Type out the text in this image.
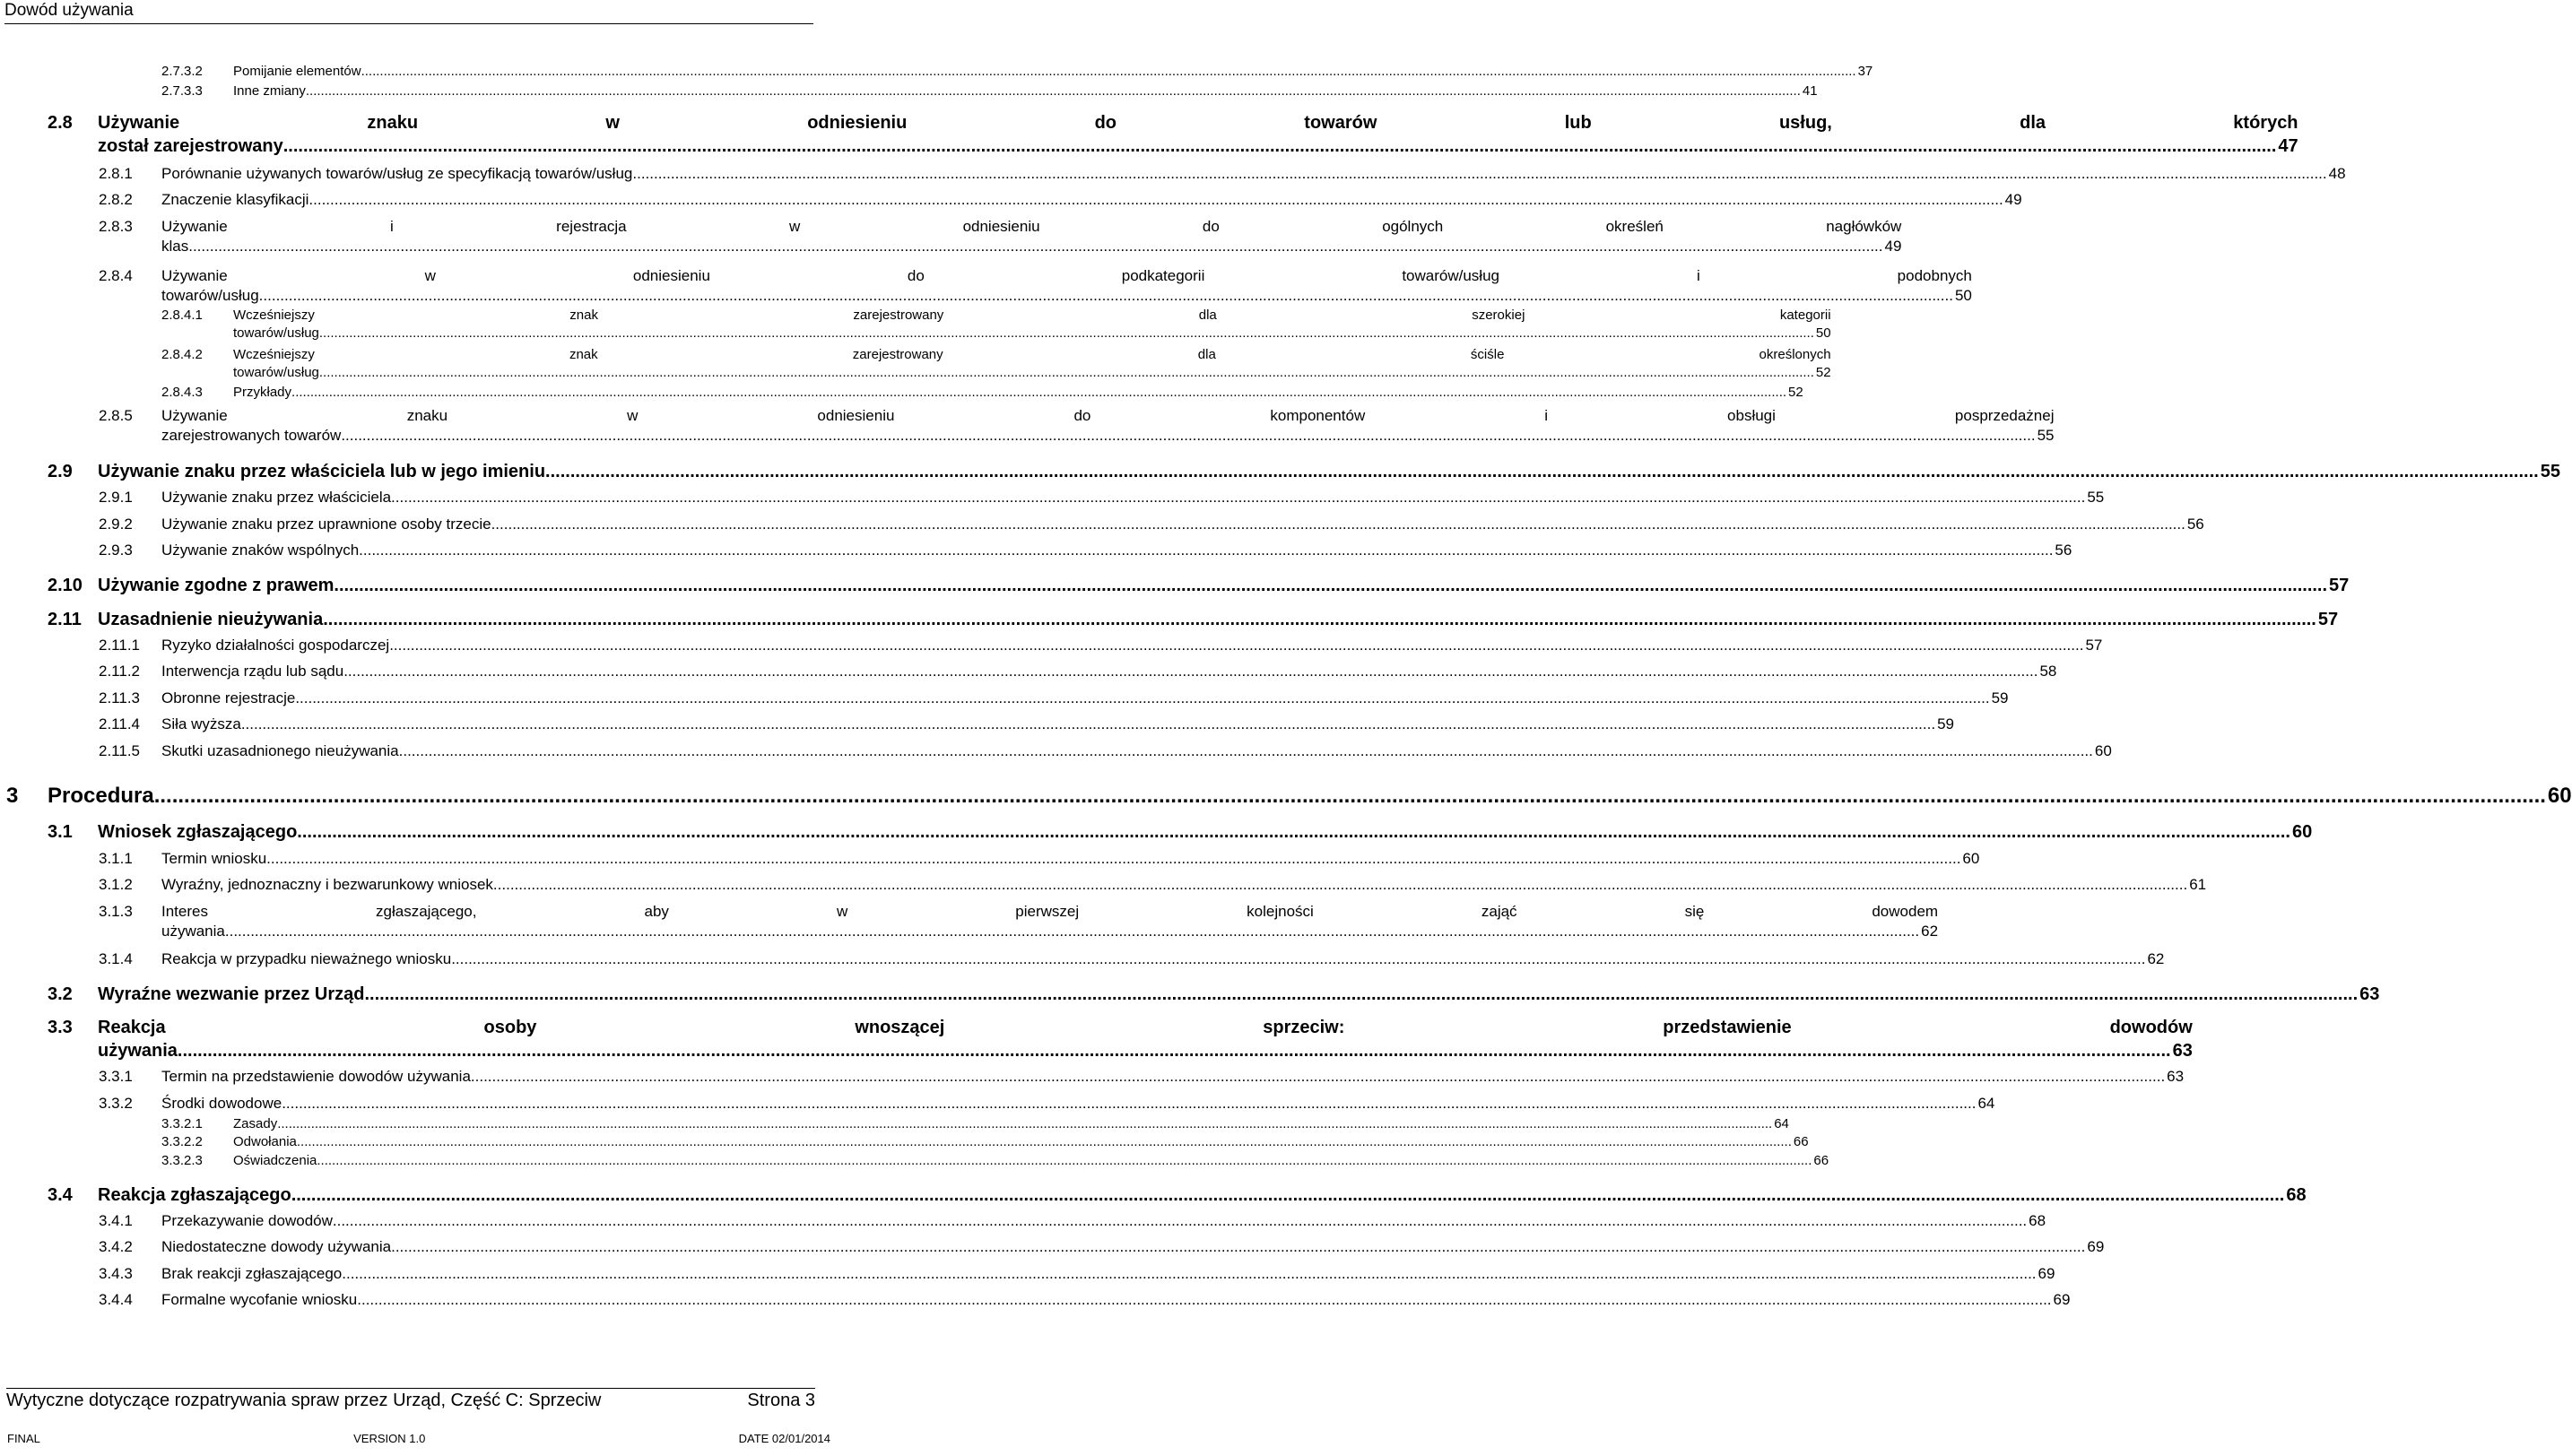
Dowód używania
2.7.3.2	Pomijanie elementów ................................................................................................................................................................................................................................................................................................................................................................................................................ 37
2.7.3.3	Inne zmiany ................................................................................................................................................................................................................................................................................................................................................................................................................ 41
2.8	Używanie	znaku	w	odniesieniu	do	towarów	lub	usług,	dla	których
został zarejestrowany ................................................................................................................................................................................................................................................................................................................................................................................................................ 47
2.8.1	Porównanie używanych towarów/usług ze specyfikacją towarów/usług ................................................................................................................................................................................................................................................................................................................................................................................................................ 48
2.8.2	Znaczenie klasyfikacji ................................................................................................................................................................................................................................................................................................................................................................................................................ 49
2.8.3	Używanie	i	rejestracja	w	odniesieniu	do	ogólnych	określeń	nagłówków
klas ................................................................................................................................................................................................................................................................................................................................................................................................................ 49
2.8.4	Używanie	w	odniesieniu	do	podkategorii	towarów/usług	i	podobnych
towarów/usług ................................................................................................................................................................................................................................................................................................................................................................................................................ 50
2.8.4.1	Wcześniejszy	znak	zarejestrowany	dla	szerokiej	kategorii
towarów/usług ................................................................................................................................................................................................................................................................................................................................................................................................................ 50
2.8.4.2	Wcześniejszy	znak	zarejestrowany	dla	ściśle	określonych
towarów/usług ................................................................................................................................................................................................................................................................................................................................................................................................................ 52
2.8.4.3	Przykłady ................................................................................................................................................................................................................................................................................................................................................................................................................ 52
2.8.5	Używanie	znaku	w	odniesieniu	do	komponentów	i	obsługi	posprzedażnej
zarejestrowanych towarów ................................................................................................................................................................................................................................................................................................................................................................................................................ 55
2.9	Używanie znaku przez właściciela lub w jego imieniu ................................................................................................................................................................................................................................................................................................................................................................................................................ 55
2.9.1	Używanie znaku przez właściciela ................................................................................................................................................................................................................................................................................................................................................................................................................ 55
2.9.2	Używanie znaku przez uprawnione osoby trzecie ................................................................................................................................................................................................................................................................................................................................................................................................................ 56
2.9.3	Używanie znaków wspólnych ................................................................................................................................................................................................................................................................................................................................................................................................................ 56
2.10 Używanie zgodne z prawem ................................................................................................................................................................................................................................................................................................................................................................................................................ 57
2.11 Uzasadnienie nieużywania ................................................................................................................................................................................................................................................................................................................................................................................................................ 57
2.11.1	Ryzyko działalności gospodarczej ................................................................................................................................................................................................................................................................................................................................................................................................................ 57
2.11.2	Interwencja rządu lub sądu ................................................................................................................................................................................................................................................................................................................................................................................................................ 58
2.11.3	Obronne rejestracje ................................................................................................................................................................................................................................................................................................................................................................................................................ 59
2.11.4	Siła wyższa ................................................................................................................................................................................................................................................................................................................................................................................................................ 59
2.11.5	Skutki uzasadnionego nieużywania ................................................................................................................................................................................................................................................................................................................................................................................................................ 60
3	Procedura ................................................................................................................................................................................................................................................................................................................................................................................................................ 60
3.1	Wniosek zgłaszającego ................................................................................................................................................................................................................................................................................................................................................................................................................ 60
3.1.1	Termin wniosku ................................................................................................................................................................................................................................................................................................................................................................................................................ 60
3.1.2	Wyraźny, jednoznaczny i bezwarunkowy wniosek ................................................................................................................................................................................................................................................................................................................................................................................................................ 61
3.1.3	Interes	zgłaszającego,	aby	w	pierwszej	kolejności	zająć	się	dowodem
używania ................................................................................................................................................................................................................................................................................................................................................................................................................ 62
3.1.4	Reakcja w przypadku nieważnego wniosku ................................................................................................................................................................................................................................................................................................................................................................................................................ 62
3.2	Wyraźne wezwanie przez Urząd ................................................................................................................................................................................................................................................................................................................................................................................................................ 63
3.3	Reakcja	osoby	wnoszącej	sprzeciw:	przedstawienie	dowodów
używania ................................................................................................................................................................................................................................................................................................................................................................................................................ 63
3.3.1	Termin na przedstawienie dowodów używania ................................................................................................................................................................................................................................................................................................................................................................................................................ 63
3.3.2	Środki dowodowe ................................................................................................................................................................................................................................................................................................................................................................................................................ 64
3.3.2.1	Zasady ................................................................................................................................................................................................................................................................................................................................................................................................................ 64
3.3.2.2	Odwołania ................................................................................................................................................................................................................................................................................................................................................................................................................ 66
3.3.2.3	Oświadczenia ................................................................................................................................................................................................................................................................................................................................................................................................................ 66
3.4	Reakcja zgłaszającego ................................................................................................................................................................................................................................................................................................................................................................................................................ 68
3.4.1	Przekazywanie dowodów ................................................................................................................................................................................................................................................................................................................................................................................................................ 68
3.4.2	Niedostateczne dowody używania ................................................................................................................................................................................................................................................................................................................................................................................................................ 69
3.4.3	Brak reakcji zgłaszającego ................................................................................................................................................................................................................................................................................................................................................................................................................ 69
3.4.4	Formalne wycofanie wniosku ................................................................................................................................................................................................................................................................................................................................................................................................................ 69
Wytyczne dotyczące rozpatrywania spraw przez Urząd, Część C: Sprzeciw	Strona 3
FINAL	VERSION 1.0	DATE 02/01/2014
